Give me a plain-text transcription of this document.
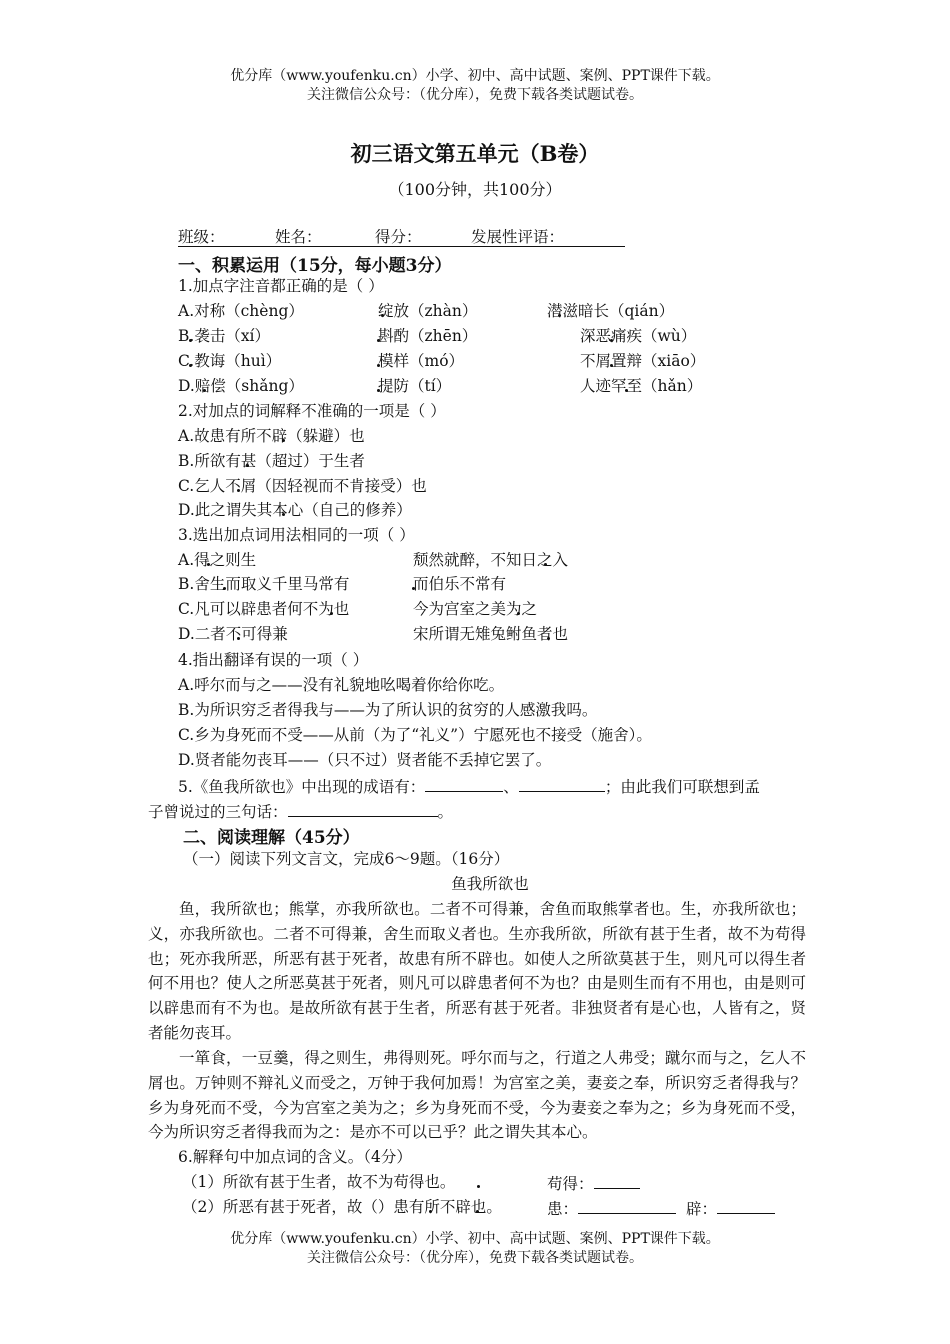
优分库（www.youfenku.cn）小学、初中、高中试题、案例、PPT课件下载。
关注微信公众号：（优分库），免费下载各类试题试卷。
初三语文第五单元（B卷）
（100分钟，共100分）
班级：	姓名：	得分：	发展性评语：
一、积累运用（15分，每小题3分）
1.加点字注音都正确的是（ ）
A.对称（chèng）	绽放（zhàn）	潜滋暗长（qián）
B.袭击（xí）	斟酌（zhēn）	深恶痛疾（wù）
C.教诲（huì）	模样（mó）	不屑置辩（xiāo）
D.赔偿（shǎng）	提防（tí）	人迹罕至（hǎn）
2.对加点的词解释不准确的一项是（ ）
A.故患有所不辟（躲避）也
B.所欲有甚（超过）于生者
C.乞人不屑（因轻视而不肯接受）也
D.此之谓失其本心（自己的修养）
3.选出加点词用法相同的一项（ ）
A.得之则生	颓然就醉，不知日之入
B.舍生而取义千里马常有	而伯乐不常有
C.凡可以辟患者何不为也	今为宫室之美为之
D.二者不可得兼	宋所谓无雉兔鲋鱼者也
4.指出翻译有误的一项（ ）
A.呼尔而与之——没有礼貌地吆喝着你给你吃。
B.为所识穷乏者得我与——为了所认识的贫穷的人感激我吗。
C.乡为身死而不受——从前（为了“礼义”）宁愿死也不接受（施舍）。
D.贤者能勿丧耳——（只不过）贤者能不丢掉它罢了。
5.《鱼我所欲也》中出现的成语有：	、	；由此我们可联想到孟
子曾说过的三句话：	。
二、阅读理解（45分）
（一）阅读下列文言文，完成6～9题。（16分）
鱼我所欲也
鱼，我所欲也；熊掌，亦我所欲也。二者不可得兼，舍鱼而取熊掌者也。生，亦我所欲也；义，亦我所欲也。二者不可得兼，舍生而取义者也。生亦我所欲，所欲有甚于生者，故不为苟得也；死亦我所恶，所恶有甚于死者，故患有所不辟也。如使人之所欲莫甚于生，则凡可以得生者何不用也？使人之所恶莫甚于死者，则凡可以辟患者何不为也？由是则生而有不用也，由是则可以辟患而有不为也。是故所欲有甚于生者，所恶有甚于死者。非独贤者有是心也，人皆有之，贤者能勿丧耳。
一箪食，一豆羹，得之则生，弗得则死。呼尔而与之，行道之人弗受；蹴尔而与之，乞人不屑也。万钟则不辩礼义而受之，万钟于我何加焉！为宫室之美，妻妾之奉，所识穷乏者得我与？乡为身死而不受，今为宫室之美为之；乡为身死而不受，今为妻妾之奉为之；乡为身死而不受，今为所识穷乏者得我而为之：是亦不可以已乎？此之谓失其本心。
6.解释句中加点词的含义。（4分）
（1）所欲有甚于生者，故不为苟得也。	苟得：
（2）所恶有甚于死者，故（）患有所不辟也。	患：	辟：
优分库（www.youfenku.cn）小学、初中、高中试题、案例、PPT课件下载。
关注微信公众号：（优分库），免费下载各类试题试卷。
